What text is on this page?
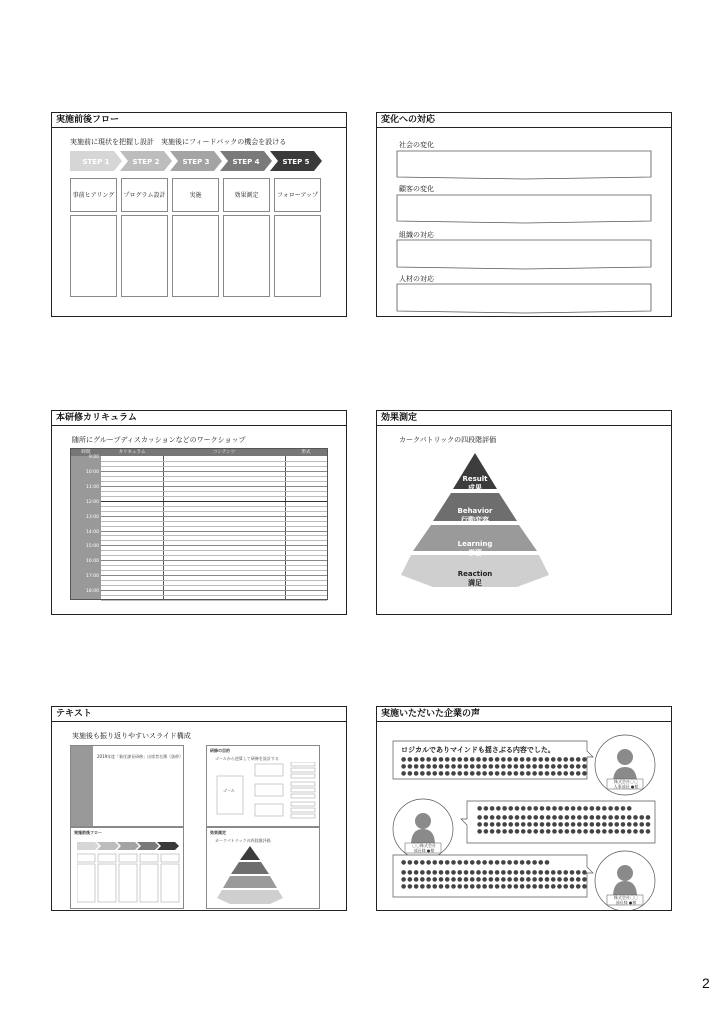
実施前後フロー
実施前に現状を把握し設計　実施後にフィードバックの機会を設ける
STEP 1	STEP 2	STEP 3	STEP 4	STEP 5
事前ヒアリング	プログラム設計	実施	効果測定	フォローアップ
変化への対応
社会の変化
顧客の変化
組織の対応
人材の対応
本研修カリキュラム
随所にグループディスカッションなどのワークショップ
時間	カリキュラム	コンテンツ	形式
9:00
10:00
11:00
12:00
13:00
14:00
15:00
16:00
17:00
18:00
効果測定
カークパトリックの四段階評価
Result
成果
Behavior
行動変容
Learning
学習
Reaction
満足
テキスト
実施後も振り返りやすいスライド構成
2019年度「新任課長研修」出席者名簿（抜粋）
研修の目的
ゴールから逆算して研修を設計する
ゴール
実施前後フロー	効果測定
カークパトリックの四段階評価
実施いただいた企業の声
ロジカルでありマインドも揺さぶる内容でした。
●●●●●●●●●●●●●●●●●●●●●●●●●●●●●●
●●●●●●●●●●●●●●●●●●●●●●●●●●●●●●
●●●●●●●●●●●●●●●●●●●●●●●●●●●●●●
●●●●●●●●●●●●●●●●●●●●●●●●●
●●●●●●●●●●●●●●●●●●●●●●●●●●●●
●●●●●●●●●●●●●●●●●●●●●●●●●●●●
●●●●●●●●●●●●●●●●●●●●●●●●●●●●
●●●●●●●●●●●●●●●●●●●●●●●●
●●●●●●●●●●●●●●●●●●●●●●●●●●●●●●
●●●●●●●●●●●●●●●●●●●●●●●●●●●●●●
●●●●●●●●●●●●●●●●●●●●●●●●●●●●●●
株式会社〇〇
人事部長 ●様
〇〇株式会社
部長様 ●様
株式会社〇〇
部長様 ●様
2
